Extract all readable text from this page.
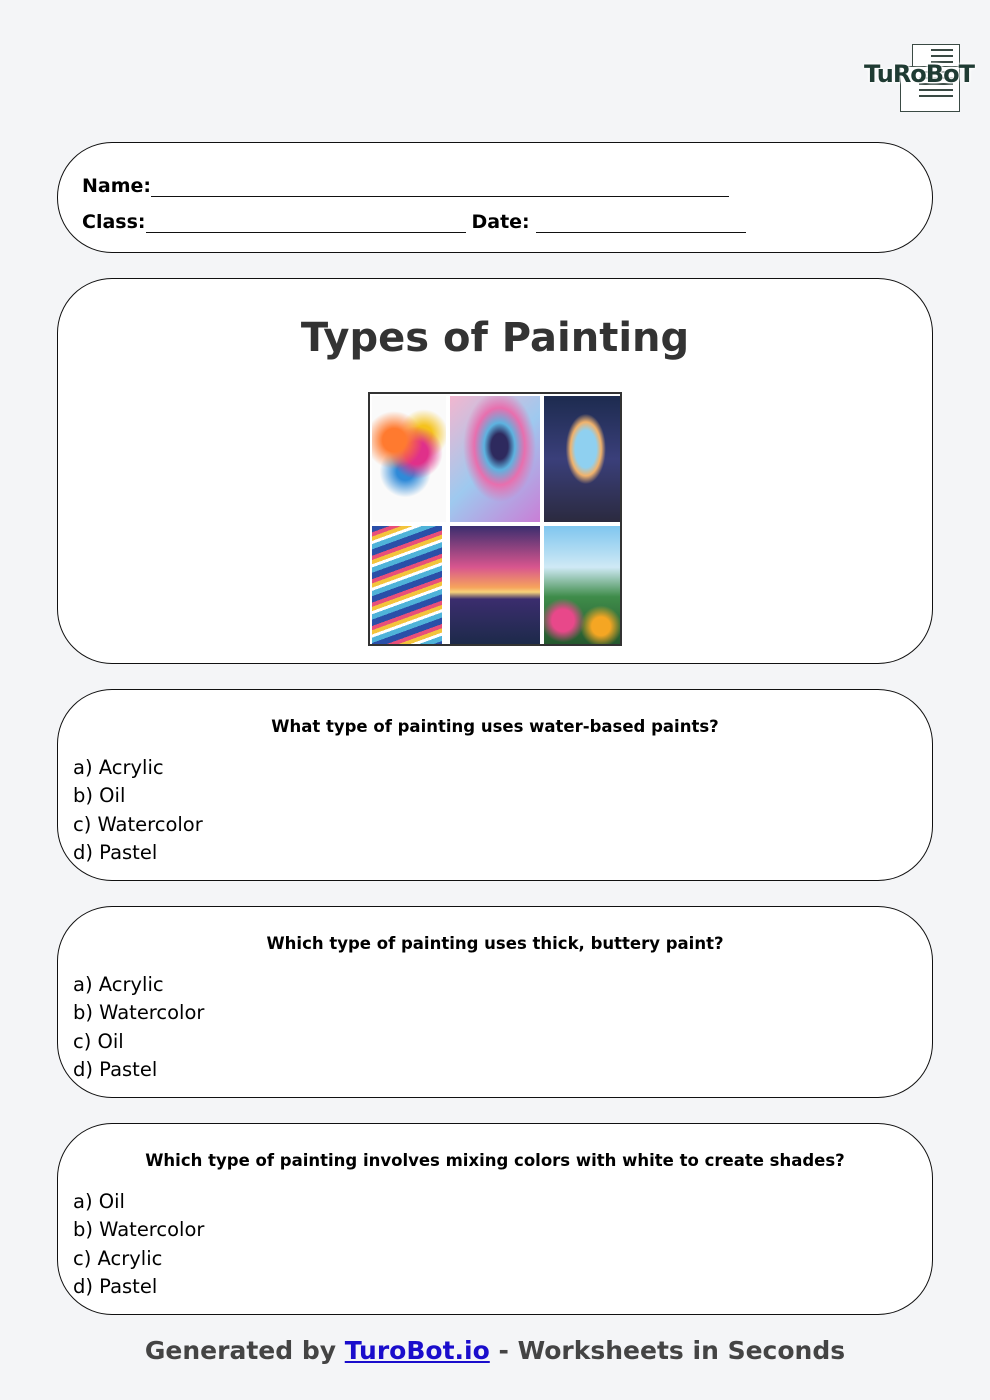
TuRoBoT
Name:
Class:	Date:
Types of Painting
What type of painting uses water-based paints?
a) Acrylic
b) Oil
c) Watercolor
d) Pastel
Which type of painting uses thick, buttery paint?
a) Acrylic
b) Watercolor
c) Oil
d) Pastel
Which type of painting involves mixing colors with white to create shades?
a) Oil
b) Watercolor
c) Acrylic
d) Pastel
Generated by TuroBot.io - Worksheets in Seconds
